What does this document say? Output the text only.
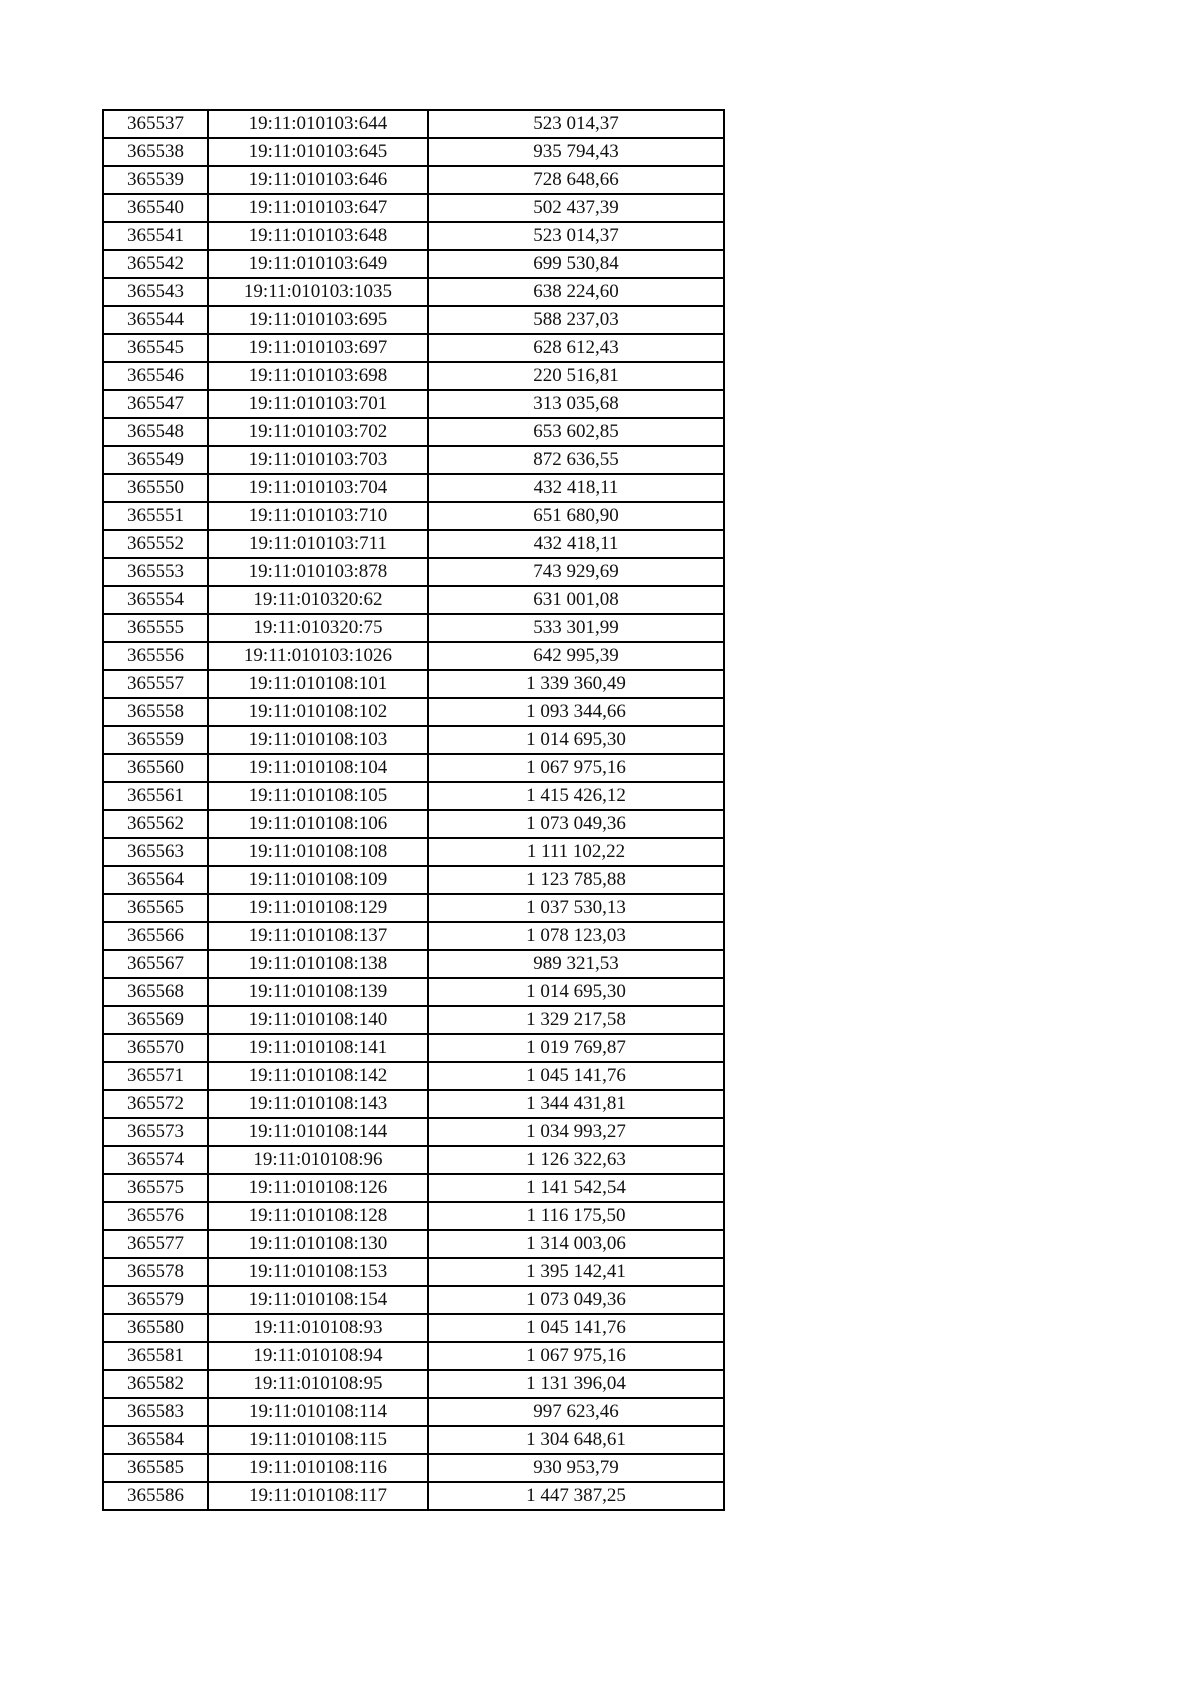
365537	19:11:010103:644	523 014,37
365538	19:11:010103:645	935 794,43
365539	19:11:010103:646	728 648,66
365540	19:11:010103:647	502 437,39
365541	19:11:010103:648	523 014,37
365542	19:11:010103:649	699 530,84
365543	19:11:010103:1035	638 224,60
365544	19:11:010103:695	588 237,03
365545	19:11:010103:697	628 612,43
365546	19:11:010103:698	220 516,81
365547	19:11:010103:701	313 035,68
365548	19:11:010103:702	653 602,85
365549	19:11:010103:703	872 636,55
365550	19:11:010103:704	432 418,11
365551	19:11:010103:710	651 680,90
365552	19:11:010103:711	432 418,11
365553	19:11:010103:878	743 929,69
365554	19:11:010320:62	631 001,08
365555	19:11:010320:75	533 301,99
365556	19:11:010103:1026	642 995,39
365557	19:11:010108:101	1 339 360,49
365558	19:11:010108:102	1 093 344,66
365559	19:11:010108:103	1 014 695,30
365560	19:11:010108:104	1 067 975,16
365561	19:11:010108:105	1 415 426,12
365562	19:11:010108:106	1 073 049,36
365563	19:11:010108:108	1 111 102,22
365564	19:11:010108:109	1 123 785,88
365565	19:11:010108:129	1 037 530,13
365566	19:11:010108:137	1 078 123,03
365567	19:11:010108:138	989 321,53
365568	19:11:010108:139	1 014 695,30
365569	19:11:010108:140	1 329 217,58
365570	19:11:010108:141	1 019 769,87
365571	19:11:010108:142	1 045 141,76
365572	19:11:010108:143	1 344 431,81
365573	19:11:010108:144	1 034 993,27
365574	19:11:010108:96	1 126 322,63
365575	19:11:010108:126	1 141 542,54
365576	19:11:010108:128	1 116 175,50
365577	19:11:010108:130	1 314 003,06
365578	19:11:010108:153	1 395 142,41
365579	19:11:010108:154	1 073 049,36
365580	19:11:010108:93	1 045 141,76
365581	19:11:010108:94	1 067 975,16
365582	19:11:010108:95	1 131 396,04
365583	19:11:010108:114	997 623,46
365584	19:11:010108:115	1 304 648,61
365585	19:11:010108:116	930 953,79
365586	19:11:010108:117	1 447 387,25
